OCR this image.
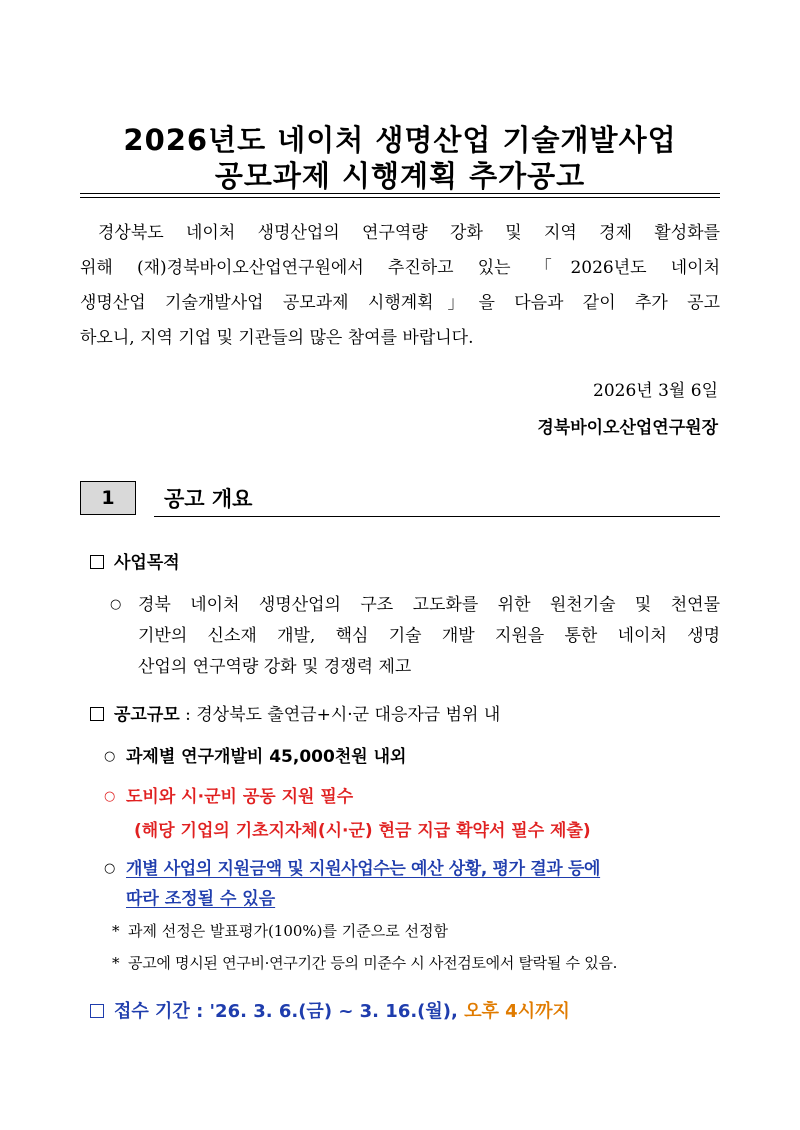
2026년도 네이처 생명산업 기술개발사업
공모과제 시행계획 추가공고
경상북도 네이처 생명산업의 연구역량 강화 및 지역 경제 활성화를
위해 (재)경북바이오산업연구원에서 추진하고 있는 「2026년도 네이처
생명산업 기술개발사업 공모과제 시행계획」을 다음과 같이 추가 공고
하오니, 지역 기업 및 기관들의 많은 참여를 바랍니다.
2026년 3월 6일
경북바이오산업연구원장
1 공고 개요
사업목적
○ 경북 네이처 생명산업의 구조 고도화를 위한 원천기술 및 천연물
기반의 신소재 개발, 핵심 기술 개발 지원을 통한 네이처 생명
산업의 연구역량 강화 및 경쟁력 제고
공고규모 : 경상북도 출연금+시·군 대응자금 범위 내
○ 과제별 연구개발비 45,000천원 내외
○ 도비와 시·군비 공동 지원 필수
(해당 기업의 기초지자체(시·군) 현금 지급 확약서 필수 제출)
○ 개별 사업의 지원금액 및 지원사업수는 예산 상황, 평가 결과 등에
따라 조정될 수 있음
* 과제 선정은 발표평가(100%)를 기준으로 선정함
* 공고에 명시된 연구비·연구기간 등의 미준수 시 사전검토에서 탈락될 수 있음.
접수 기간 : '26. 3. 6.(금) ~ 3. 16.(월), 오후 4시까지
